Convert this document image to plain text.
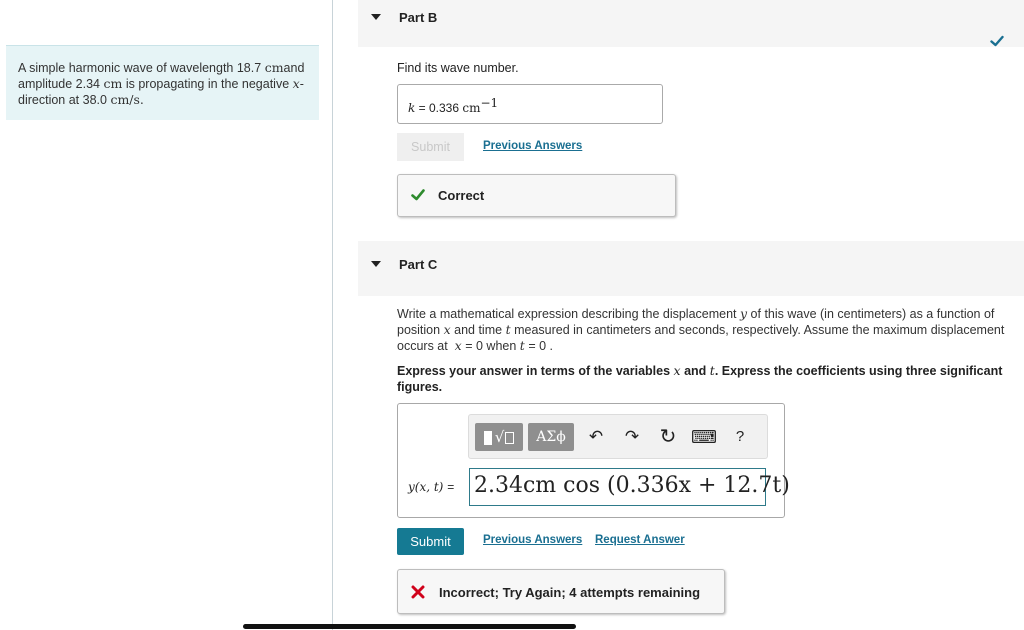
A simple harmonic wave of wavelength 18.7 cmand amplitude 2.34 cm is propagating in the negative x-direction at 38.0 cm/s.
Part B
Find its wave number.
k = 0.336 $cm^{-1}$
Submit	Previous Answers
Correct
Part C
Write a mathematical expression describing the displacement y of this wave (in centimeters) as a function of position x and time t measured in cantimeters and seconds, respectively. Assume the maximum displacement occurs at x = 0 when t = 0 .
Express your answer in terms of the variables x and t. Express the coefficients using three significant figures.
√	ΑΣϕ	↶ ↷ ↻ ⌨	?
y(x, t) = 2.34cm cos (0.336x + 12.7t)
Submit	Previous Answers Request Answer
Incorrect; Try Again; 4 attempts remaining
